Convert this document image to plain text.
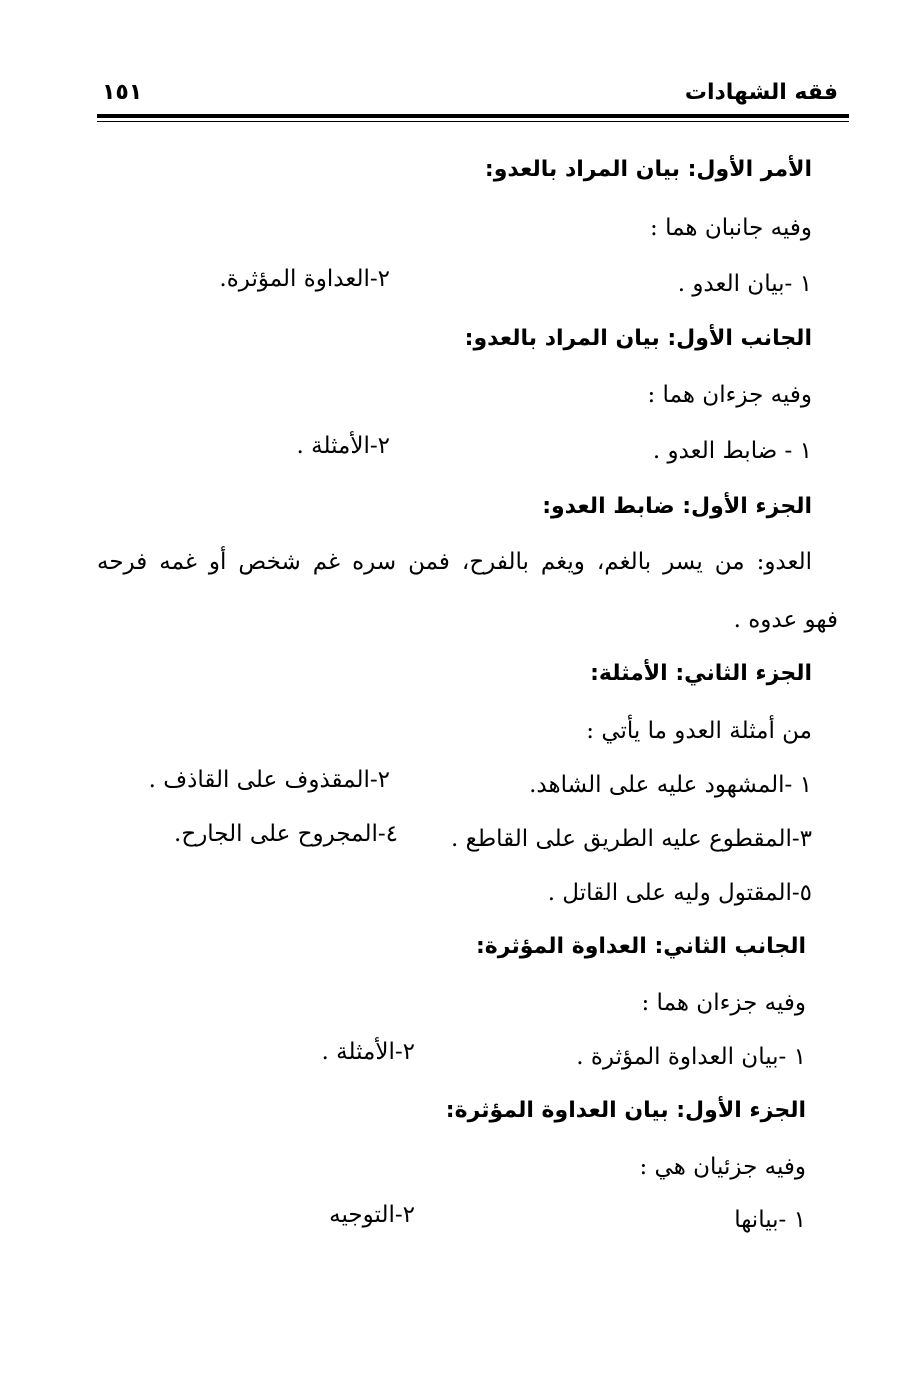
فقه الشهادات
١٥١
الأمر الأول: بيان المراد بالعدو:
وفيه جانبان هما :
١ -بيان العدو .
٢-العداوة المؤثرة.
الجانب الأول: بيان المراد بالعدو:
وفيه جزءان هما :
١ - ضابط العدو .
٢-الأمثلة .
الجزء الأول: ضابط العدو:
العدو: من يسر بالغم، ويغم بالفرح، فمن سره غم شخص أو غمه فرحه
فهو عدوه .
الجزء الثاني: الأمثلة:
من أمثلة العدو ما يأتي :
١ -المشهود عليه على الشاهد.
٢-المقذوف على القاذف .
٣-المقطوع عليه الطريق على القاطع .
٤-المجروح على الجارح.
٥-المقتول وليه على القاتل .
الجانب الثاني: العداوة المؤثرة:
وفيه جزءان هما :
١ -بيان العداوة المؤثرة .
٢-الأمثلة .
الجزء الأول: بيان العداوة المؤثرة:
وفيه جزئيان هي :
١ -بيانها
٢-التوجيه
